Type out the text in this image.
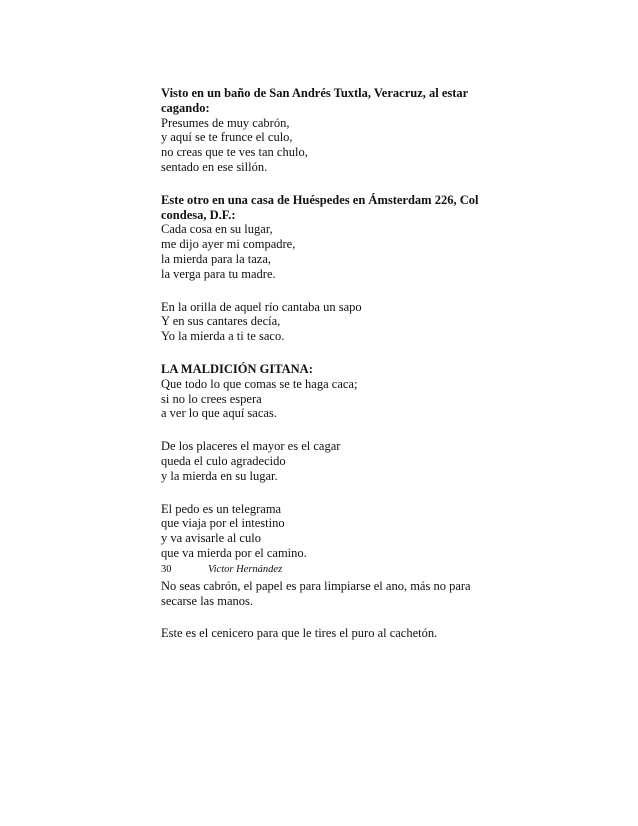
Visto en un baño de San Andrés Tuxtla, Veracruz, al estar cagando:
Presumes de muy cabrón,
y aquí se te frunce el culo,
no creas que te ves tan chulo,
sentado en ese sillón.
Este otro en una casa de Huéspedes en Ámsterdam 226, Col condesa, D.F.:
Cada cosa en su lugar,
me dijo ayer mi compadre,
la mierda para la taza,
la verga para tu madre.
En la orilla de aquel río cantaba un sapo
Y en sus cantares decía,
Yo la mierda a ti te saco.
LA MALDICIÓN GITANA:
Que todo lo que comas se te haga caca;
si no lo crees espera
a ver lo que aquí sacas.
De los placeres el mayor es el cagar
queda el culo agradecido
y la mierda en su lugar.
El pedo es un telegrama
que viaja por el intestino
y va avisarle al culo
que va mierda por el camino.
No seas cabrón, el papel es para limpiarse el ano, más no para secarse las manos.
Este es el cenicero para que le tires el puro al cachetón.
30	Victor Hernández
